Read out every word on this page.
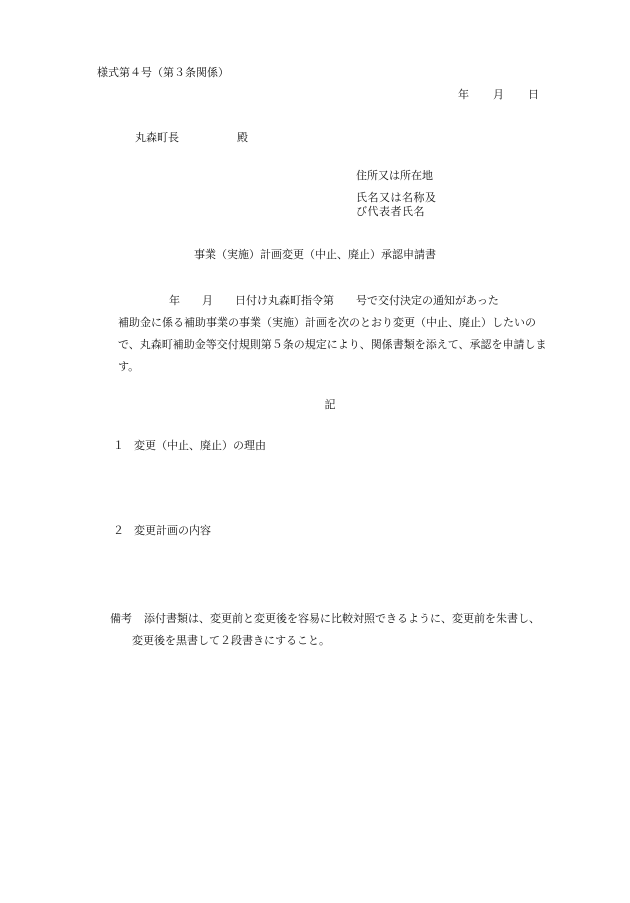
様式第４号（第３条関係）
年 月 日
丸森町長	殿
住所又は所在地
氏名又は名称及び代表者氏名
事業（実施）計画変更（中止、廃止）承認申請書
年 月 日付け丸森町指令第 号で交付決定の通知があった
補助金に係る補助事業の事業（実施）計画を次のとおり変更（中止、廃止）したいので、丸森町補助金等交付規則第５条の規定により、関係書類を添えて、承認を申請します。
記
１ 変更（中止、廃止）の理由
２ 変更計画の内容
備考 添付書類は、変更前と変更後を容易に比較対照できるように、変更前を朱書し、
変更後を黒書して２段書きにすること。
